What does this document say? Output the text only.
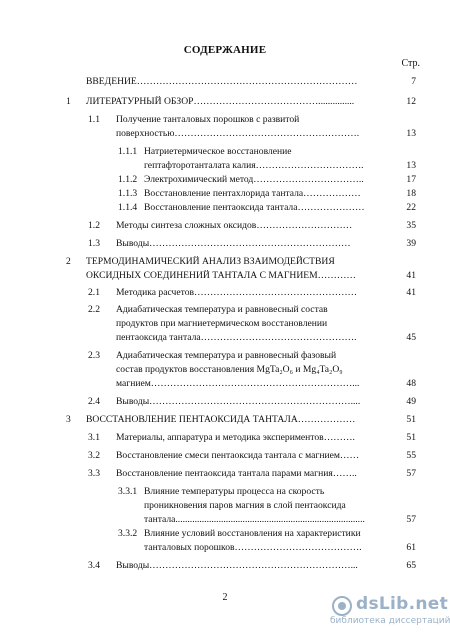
СОДЕРЖАНИЕ
Стр.
ВВЕДЕНИЕ……………………………………………………………	7
1 ЛИТЕРАТУРНЫЙ ОБЗОР…………………………………...............	12
1.1 Получение танталовых порошков с развитой
поверхностью………………………………………………….	13
1.1.1 Натриетермическое восстановление
гептафторотанталата калия…………………………….	13
1.1.2 Электрохимический метод……………………………..	17
1.1.3 Восстановление пентахлорида тантала………………	18
1.1.4 Восстановление пентаоксида тантала…………………	22
1.2 Методы синтеза сложных оксидов…………………………	35
1.3 Выводы………………………………………………………	39
2 ТЕРМОДИНАМИЧЕСКИЙ АНАЛИЗ ВЗАИМОДЕЙСТВИЯ
ОКСИДНЫХ СОЕДИНЕНИЙ ТАНТАЛА С МАГНИЕМ…………	41
2.1 Методика расчетов……………………………………………	41
2.2 Адиабатическая температура и равновесный состав
продуктов при магниетермическом восстановлении
пентаоксида тантала………………………………………….	45
2.3 Адиабатическая температура и равновесный фазовый
состав продуктов восстановления MgTa₂O₆ и Mg₄Ta₂O₉
магнием………………………………………………………...	48
2.4 Выводы………………………………………………………....	49
3 ВОССТАНОВЛЕНИЕ ПЕНТАОКСИДА ТАНТАЛА………………	51
3.1 Материалы, аппаратура и методика экспериментов……….	51
3.2 Восстановление смеси пентаоксида тантала с магнием……	55
3.3 Восстановление пентаоксида тантала парами магния……..	57
3.3.1 Влияние температуры процесса на скорость
проникновения паров магния в слой пентаоксида
тантала...............................................................................	57
3.3.2 Влияние условий восстановления на характеристики
танталовых порошков………………………………….	61
3.4 Выводы………………………………………………………...	65
2	dsLib.net
библиотека диссертаций
